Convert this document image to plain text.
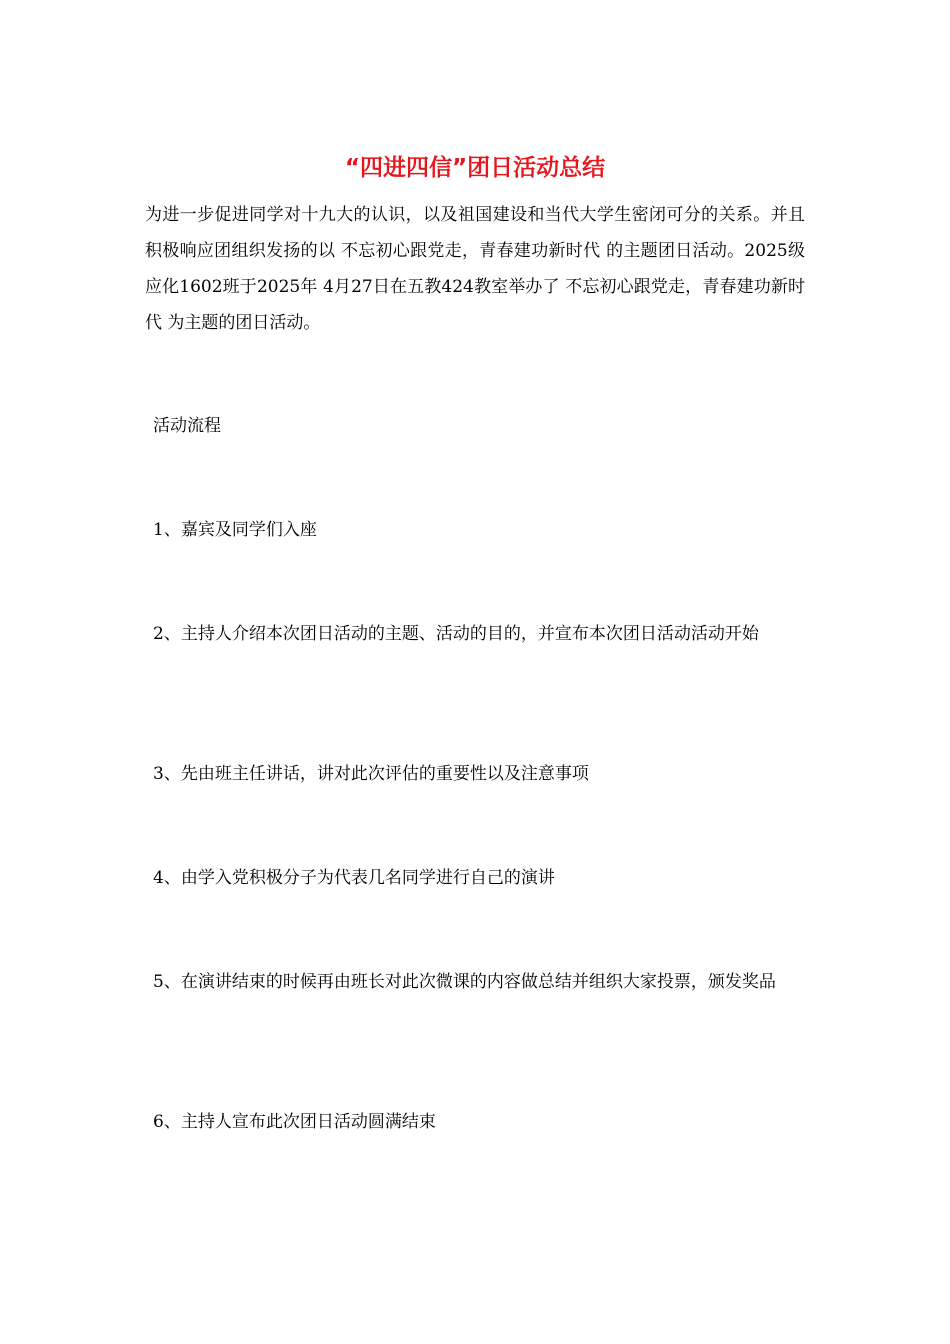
“四进四信”团日活动总结

为进一步促进同学对十九大的认识，以及祖国建设和当代大学生密闭可分的关系。并且积极响应团组织发扬的以 不忘初心跟党走，青春建功新时代 的主题团日活动。2025级应化1602班于2025年 4月27日在五教424教室举办了 不忘初心跟党走，青春建功新时代 为主题的团日活动。

活动流程

1、嘉宾及同学们入座

2、主持人介绍本次团日活动的主题、活动的目的，并宣布本次团日活动活动开始

3、先由班主任讲话，讲对此次评估的重要性以及注意事项

4、由学入党积极分子为代表几名同学进行自己的演讲

5、在演讲结束的时候再由班长对此次微课的内容做总结并组织大家投票，颁发奖品

6、主持人宣布此次团日活动圆满结束
